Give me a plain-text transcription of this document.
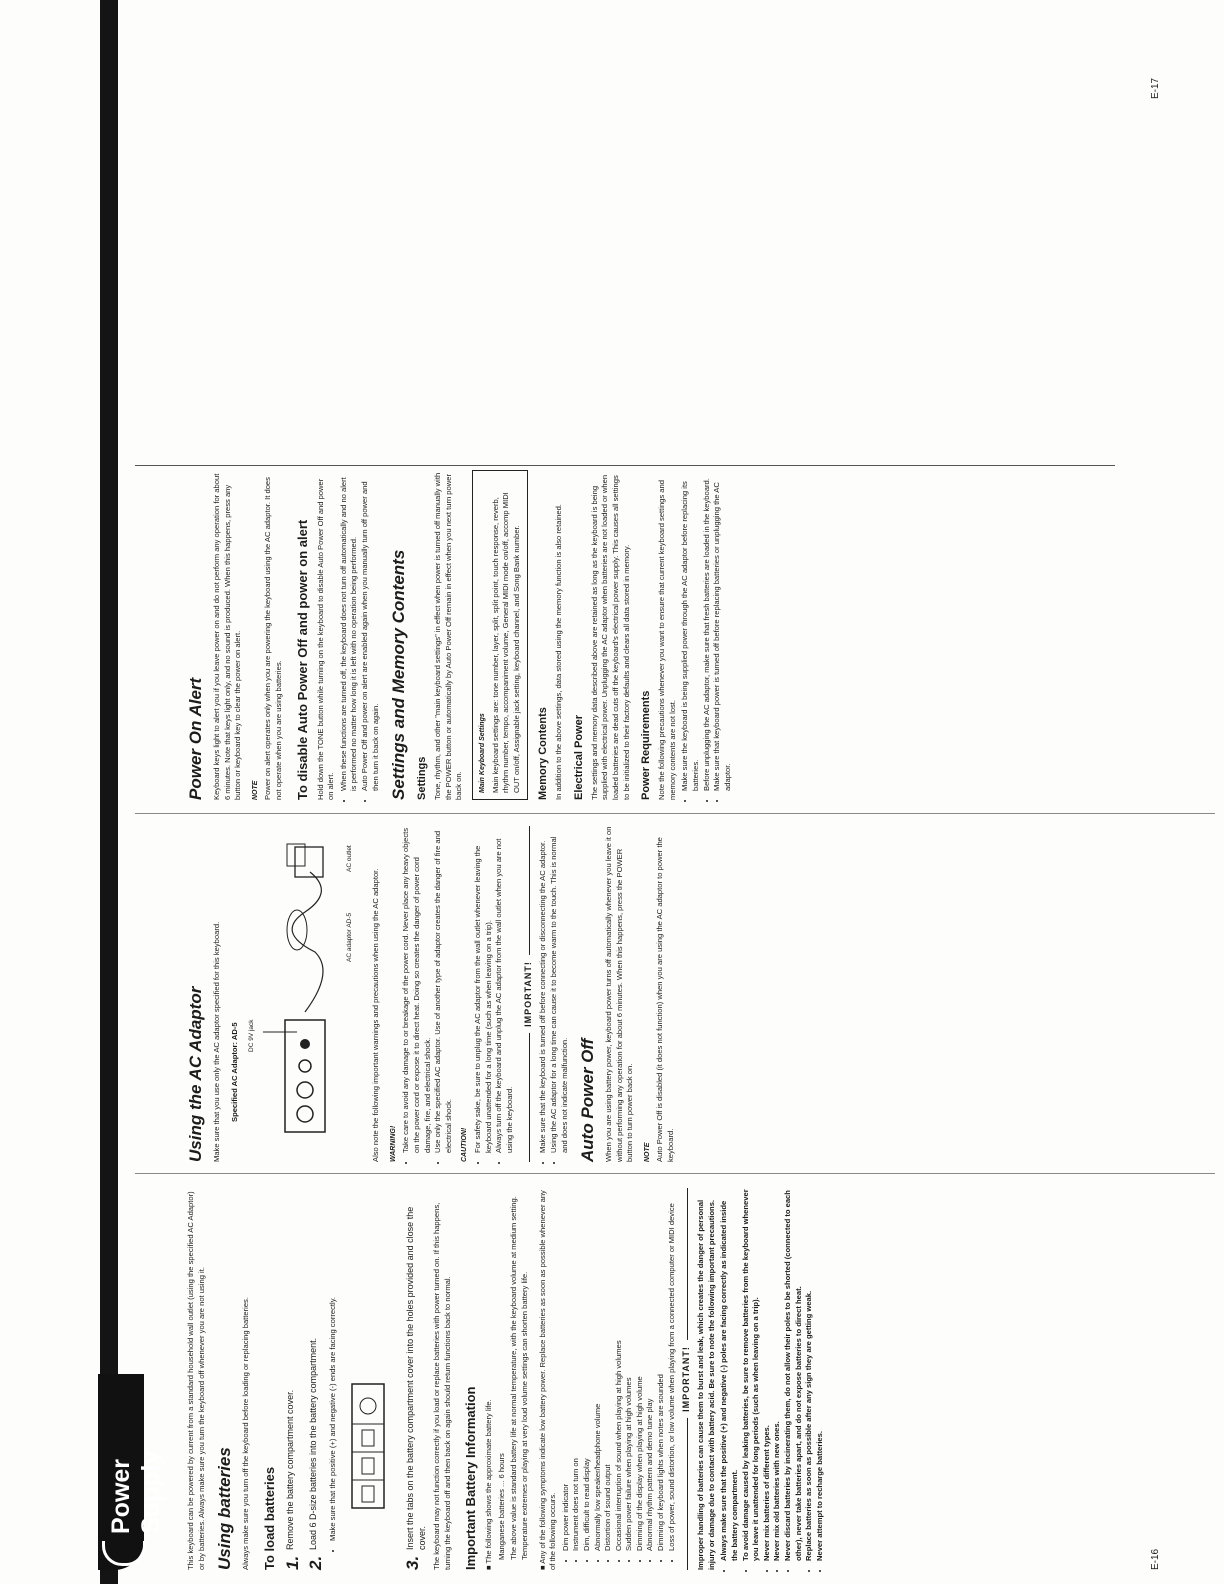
Power Supply
E-16
E-17

This keyboard can be powered by current from a standard household wall outlet (using the specified AC Adaptor) or by batteries. Always make sure you turn the keyboard off whenever you are not using it. Using batteries Always make sure you turn off the keyboard before loading or replacing batteries. To load batteries 1.
Remove the battery compartment cover.
2.
Load 6 D-size batteries into the battery compartment. • Make sure that the positive (+) and negative (-) ends are facing correctly.
3.
Insert the tabs on the battery compartment cover into the holes provided and close the cover. The keyboard may not function correctly if you load or replace batteries with power turned on. If this happens, turning the keyboard off and then back on again should return functions back to normal. Important Battery Information ■ The following shows the approximate battery life. Manganese batteries ... 6 hours The above value is standard battery life at normal temperature, with the keyboard volume at medium setting. Temperature extremes or playing at very loud volume settings can shorten battery life.

■ Any of the following symptoms indicate low battery power. Replace batteries as soon as possible whenever any of the following occurs. • Dim power indicator • Instrument does not turn on • Dim, difficult to read display • Abnormally low speaker/headphone volume • Distortion of sound output • Occasional interruption of sound when playing at high volumes • Sudden power failure when playing at high volumes • Dimming of the display when playing at high volume • Abnormal rhythm pattern and demo tune play • Dimming of keyboard lights when notes are sounded • Loss of power, sound distortion, or low volume when playing from a connected computer or MIDI device IMPORTANT! Improper handling of batteries can cause them to burst and leak, which creates the danger of personal injury or damage due to contact with battery acid. Be sure to note the following important precautions. • Always make sure that the positive (+) and negative (-) poles are facing correctly as indicated inside the battery compartment. • To avoid damage caused by leaking batteries, be sure to remove batteries from the keyboard whenever you leave it unattended for long periods (such as when leaving on a trip). • Never mix batteries of different types. • Never mix old batteries with new ones. • Never discard batteries by incinerating them, do not allow their poles to be shorted (connected to each other), never take batteries apart, and do not expose batteries to direct heat. • Replace batteries as soon as possible after any sign they are getting weak. • Never attempt to recharge batteries.
Using the AC Adaptor Make sure that you use only the AC adaptor specified for this keyboard. Specified AC Adaptor: AD-5 DC 9V jack
AC adaptor AD-5
AC outlet

Also note the following important warnings and precautions when using the AC adaptor. WARNING! • Take care to avoid any damage to or breakage of the power cord. Never place any heavy objects on the power cord or expose it to direct heat. Doing so creates the danger of power cord damage, fire, and electrical shock. • Use only the specified AC adaptor. Use of another type of adaptor creates the danger of fire and electrical shock. CAUTION! • For safety sake, be sure to unplug the AC adaptor from the wall outlet whenever leaving the keyboard unattended for a long time (such as when leaving on a trip). • Always turn off the keyboard and unplug the AC adaptor from the wall outlet when you are not using the keyboard.
IMPORTANT! • Make sure that the keyboard is turned off before connecting or disconnecting the AC adaptor. • Using the AC adaptor for a long time can cause it to become warm to the touch. This is normal and does not indicate malfunction. Auto Power Off When you are using battery power, keyboard power turns off automatically whenever you leave it on without performing any operation for about 6 minutes. When this happens, press the POWER button to turn power back on. NOTE Auto Power Off is disabled (it does not function) when you are using the AC adaptor to power the keyboard.

Power On Alert Keyboard keys light to alert you if you leave power on and do not perform any operation for about 6 minutes. Note that keys light only, and no sound is produced. When this happens, press any button or keyboard key to clear the power on alert. NOTE Power on alert operates only when you are powering the keyboard using the AC adaptor. It does not operate when you are using batteries. To disable Auto Power Off and power on alert Hold down the TONE button while turning on the keyboard to disable Auto Power Off and power on alert. • When these functions are turned off, the keyboard does not turn off automatically and no alert is performed no matter how long it is left with no operation being performed. • Auto Power Off and power on alert are enabled again when you manually turn off power and then turn it back on again. Settings and Memory Contents Settings Tone, rhythm, and other "main keyboard settings" in effect when power is turned off manually with the POWER button or automatically by Auto Power Off remain in effect when you next turn power back on. Main Keyboard Settings Main keyboard settings are: tone number, layer, split, split point, touch response, reverb, rhythm number, tempo, accompaniment volume, General MIDI mode on/off, accomp MIDI OUT on/off, Assignable jack setting, keyboard channel, and Song Bank number. Memory Contents In addition to the above settings, data stored using the memory function is also retained. Electrical Power The settings and memory data described above are retained as long as the keyboard is being supplied with electrical power. Unplugging the AC adaptor when batteries are not loaded or when loaded batteries are dead cuts off the keyboard's electrical power supply. This causes all settings to be initialized to their factory defaults and clears all data stored in memory. Power Requirements Note the following precautions whenever you want to ensure that current keyboard settings and memory contents are not lost. • Make sure the keyboard is being supplied power through the AC adaptor before replacing its batteries. • Before unplugging the AC adaptor, make sure that fresh batteries are loaded in the keyboard. • Make sure that keyboard power is turned off before replacing batteries or unplugging the AC adaptor.
